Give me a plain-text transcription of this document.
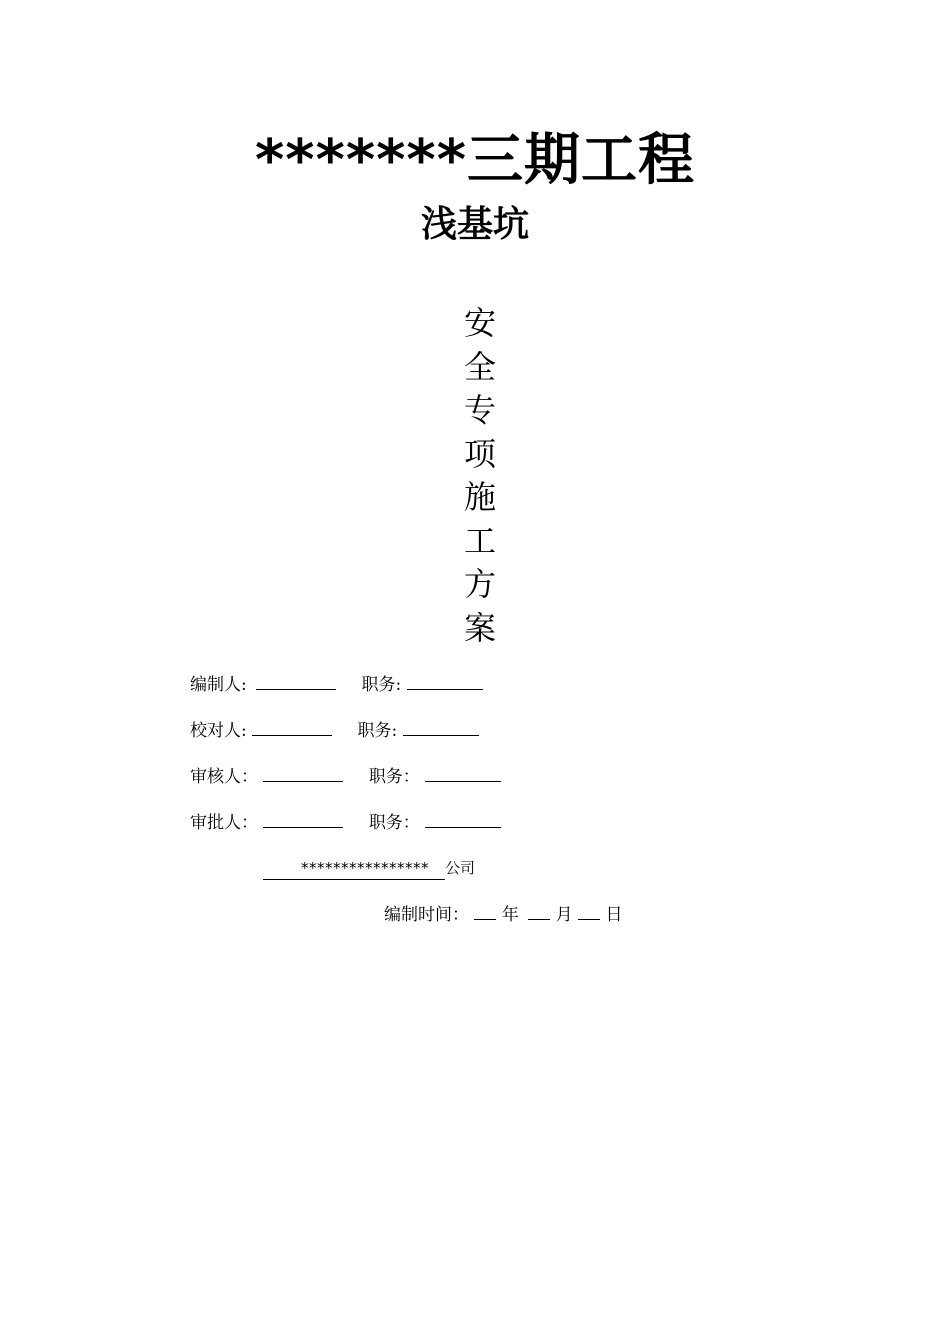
*******三期工程
浅基坑
安
全
专
项
施
工
方
案
编制人:	职务:
校对人:	职务:
审核人：	职务：
审批人：	职务：
****************公司
编制时间： 年 月 日
